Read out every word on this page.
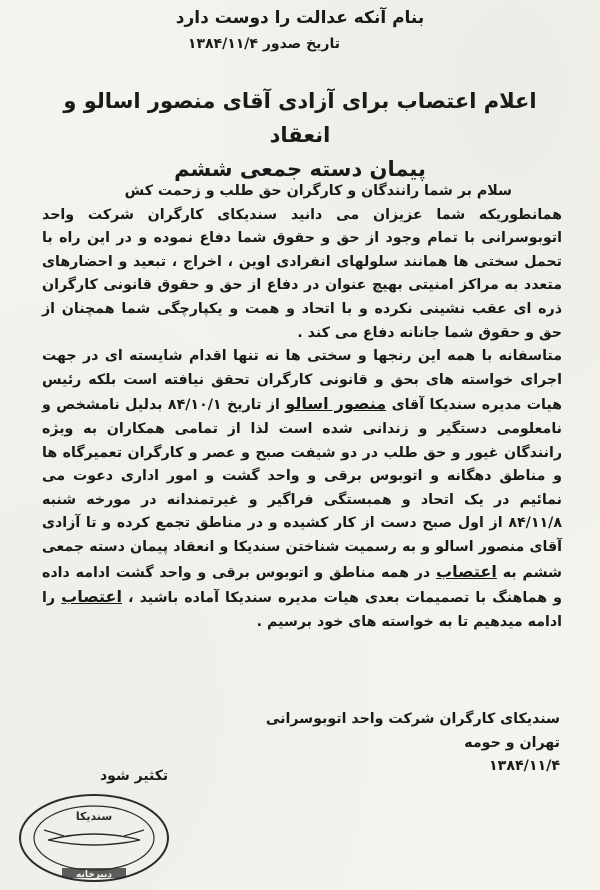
بنام آنکه عدالت را دوست دارد
تاریخ صدور ۱۳۸۴/۱۱/۴
اعلام اعتصاب برای آزادی آقای منصور اسالو و انعقاد
پیمان دسته جمعی ششم

سلام بر شما رانندگان و کارگران حق طلب و زحمت کش

همانطوریکه شما عزیزان می دانید سندیکای کارگران شرکت واحد اتوبوسرانی با تمام وجود از حق و حقوق شما دفاع نموده و در این راه با تحمل سختی ها همانند سلولهای انفرادی اوین ، اخراج ، تبعید و احضارهای متعدد به مراکز امنیتی بهیچ عنوان در دفاع از حق و حقوق قانونی کارگران ذره ای عقب نشینی نکرده و با اتحاد و همت و یکپارچگی شما همچنان از حق و حقوق شما جانانه دفاع می کند .

متاسفانه با همه این رنجها و سختی ها نه تنها اقدام شایسته ای در جهت اجرای خواسته های بحق و قانونی کارگران تحقق نیافته است بلکه رئیس هیات مدیره سندیکا آقای منصور اسالو از تاریخ ۸۴/۱۰/۱ بدلیل نامشخص و نامعلومی دستگیر و زندانی شده است لذا از تمامی همکاران به ویژه رانندگان غیور و حق طلب در دو شیفت صبح و عصر و کارگران تعمیرگاه ها و مناطق دهگانه و اتوبوس برقی و واحد گشت و امور اداری دعوت می نمائیم در یک اتحاد و همبستگی فراگیر و غیرتمندانه در مورخه شنبه ۸۴/۱۱/۸ از اول صبح دست از کار کشیده و در مناطق تجمع کرده و تا آزادی آقای منصور اسالو و به رسمیت شناختن سندیکا و انعقاد پیمان دسته جمعی ششم به اعتصاب در همه مناطق و اتوبوس برقی و واحد گشت ادامه داده و هماهنگ با تصمیمات بعدی هیات مدیره سندیکا آماده باشید ، اعتصاب را ادامه میدهیم تا به خواسته های خود برسیم .

سندیکای کارگران شرکت واحد اتوبوسرانی
تهران و حومه
۱۳۸۴/۱۱/۴
تکثیر شود
سندیکا
دبیرخانه
